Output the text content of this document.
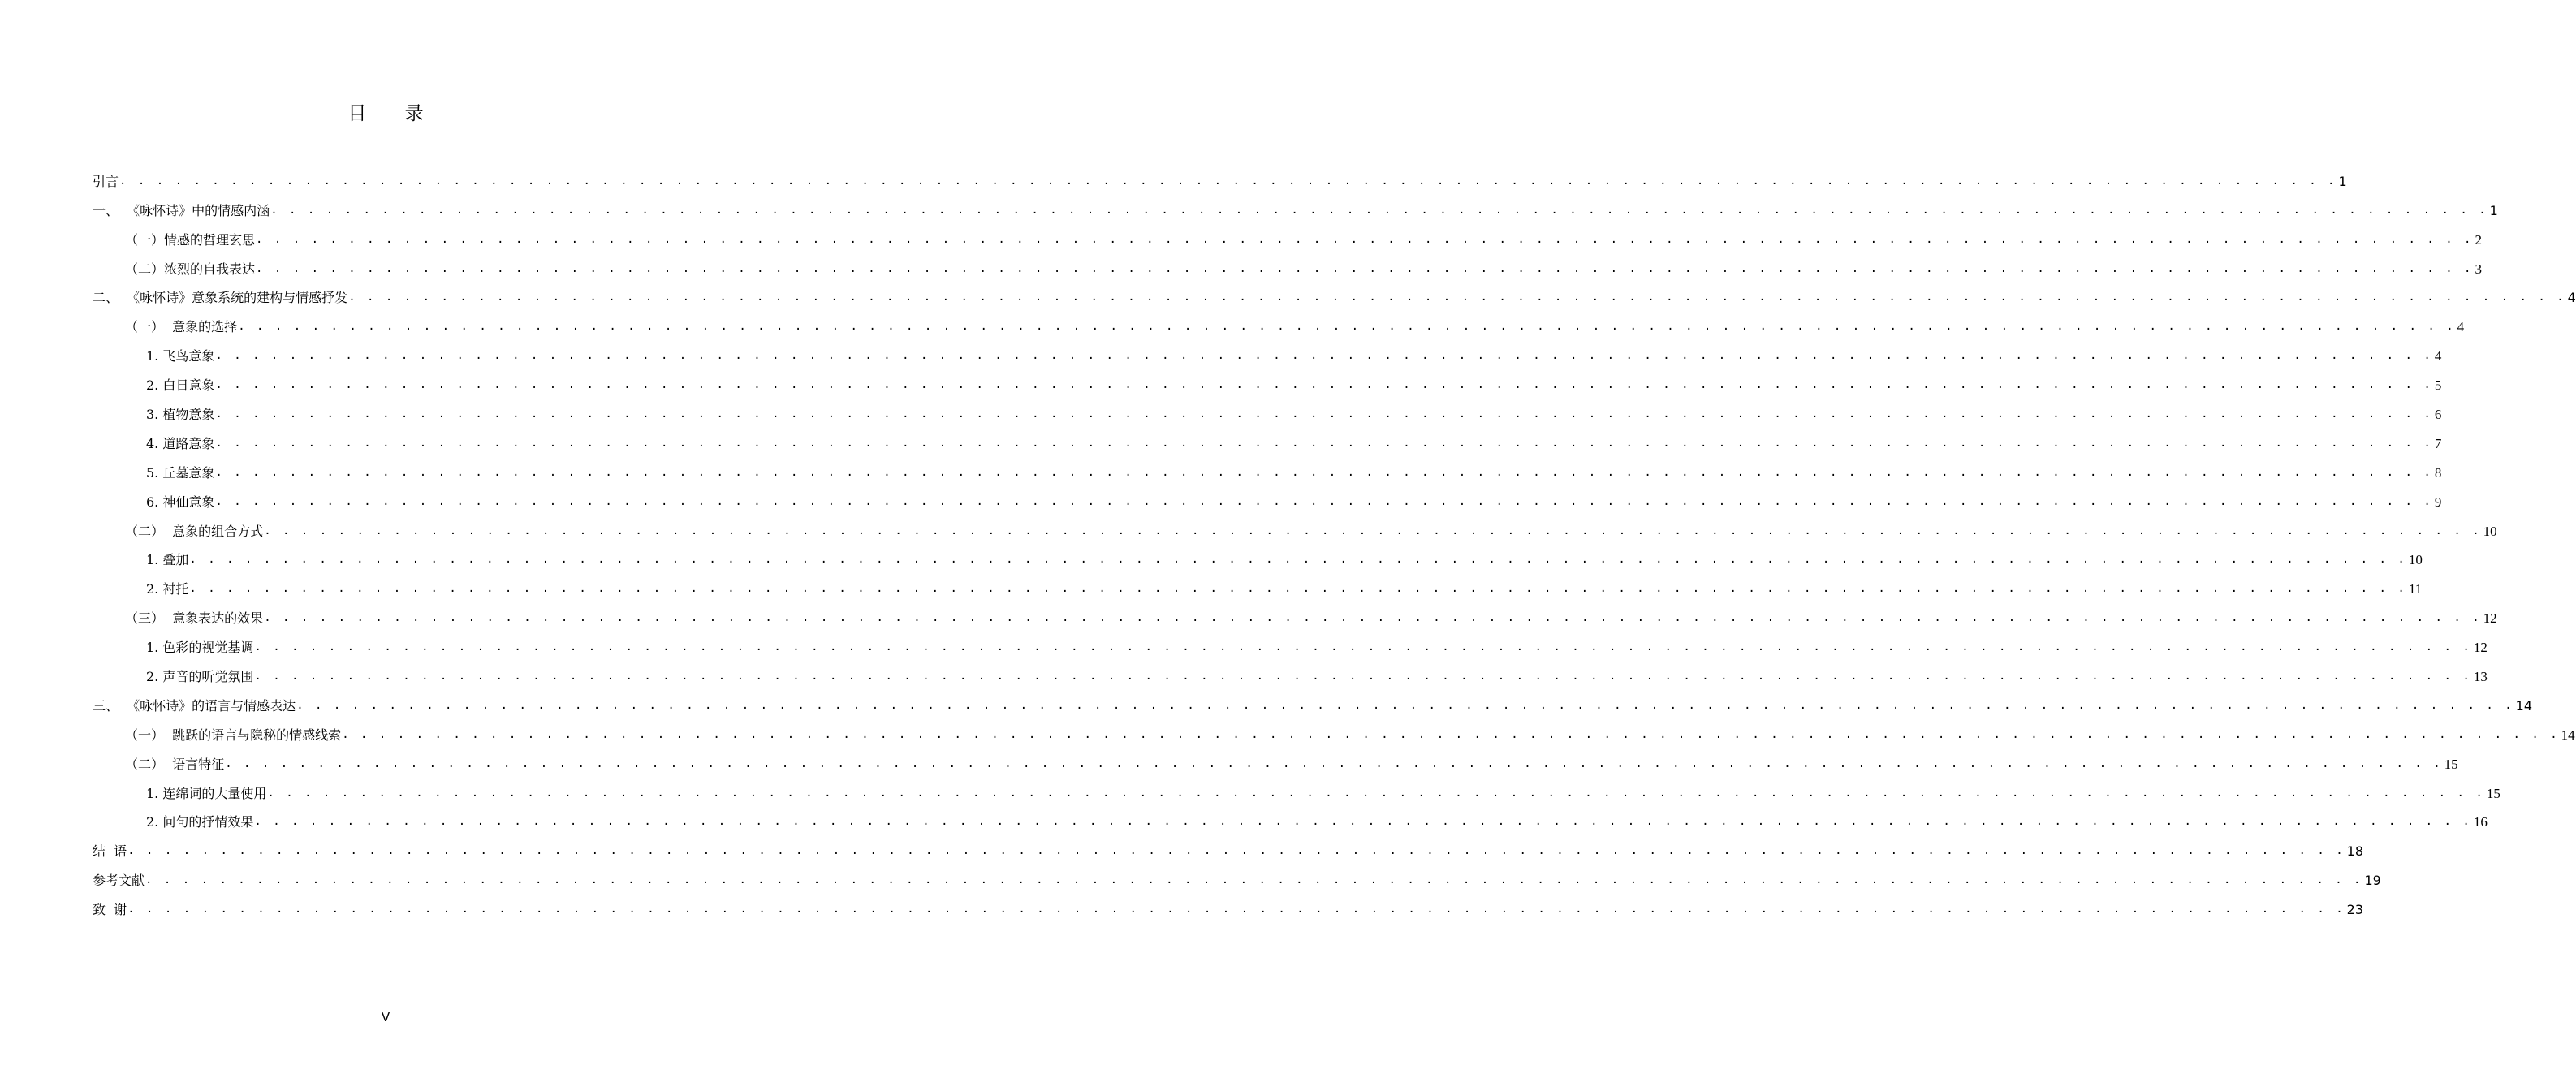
目 录
引言 . . . . . . . . . . . . . . . . . . . . . . . . . . . . . . . . . . . . . . . . . . . . . . . . . . . . . . . . . . . . . . . . . . . . . . . . . . . . . . . . . . . . . . . . . . . . . . . . . . . . . . . . . . . . . . . . . . . . . . . . 1
一、  《咏怀诗》中的情感内涵 . . . . . . . . . . . . . . . . . . . . . . . . . . . . . . . . . . . . . . . . . . . . . . . . . . . . . . . . . . . . . . . . . . . . . . . . . . . . . . . . . . . . . . . . . . . . . . . . . . . . . . . . . . . . . . . . . . . . . . . . 1
（一）情感的哲理玄思 . . . . . . . . . . . . . . . . . . . . . . . . . . . . . . . . . . . . . . . . . . . . . . . . . . . . . . . . . . . . . . . . . . . . . . . . . . . . . . . . . . . . . . . . . . . . . . . . . . . . . . . . . . . . . . . . . . . . . . . . 2
（二）浓烈的自我表达 . . . . . . . . . . . . . . . . . . . . . . . . . . . . . . . . . . . . . . . . . . . . . . . . . . . . . . . . . . . . . . . . . . . . . . . . . . . . . . . . . . . . . . . . . . . . . . . . . . . . . . . . . . . . . . . . . . . . . . . . 3
二、  《咏怀诗》意象系统的建构与情感抒发 . . . . . . . . . . . . . . . . . . . . . . . . . . . . . . . . . . . . . . . . . . . . . . . . . . . . . . . . . . . . . . . . . . . . . . . . . . . . . . . . . . . . . . . . . . . . . . . . . . . . . . . . . . . . . . . . . . . . . . . . 4
（一）  意象的选择 . . . . . . . . . . . . . . . . . . . . . . . . . . . . . . . . . . . . . . . . . . . . . . . . . . . . . . . . . . . . . . . . . . . . . . . . . . . . . . . . . . . . . . . . . . . . . . . . . . . . . . . . . . . . . . . . . . . . . . . . 4
1. 飞鸟意象 . . . . . . . . . . . . . . . . . . . . . . . . . . . . . . . . . . . . . . . . . . . . . . . . . . . . . . . . . . . . . . . . . . . . . . . . . . . . . . . . . . . . . . . . . . . . . . . . . . . . . . . . . . . . . . . . . . . . . . . . 4
2. 白日意象 . . . . . . . . . . . . . . . . . . . . . . . . . . . . . . . . . . . . . . . . . . . . . . . . . . . . . . . . . . . . . . . . . . . . . . . . . . . . . . . . . . . . . . . . . . . . . . . . . . . . . . . . . . . . . . . . . . . . . . . . 5
3. 植物意象 . . . . . . . . . . . . . . . . . . . . . . . . . . . . . . . . . . . . . . . . . . . . . . . . . . . . . . . . . . . . . . . . . . . . . . . . . . . . . . . . . . . . . . . . . . . . . . . . . . . . . . . . . . . . . . . . . . . . . . . . 6
4. 道路意象 . . . . . . . . . . . . . . . . . . . . . . . . . . . . . . . . . . . . . . . . . . . . . . . . . . . . . . . . . . . . . . . . . . . . . . . . . . . . . . . . . . . . . . . . . . . . . . . . . . . . . . . . . . . . . . . . . . . . . . . . 7
5. 丘墓意象 . . . . . . . . . . . . . . . . . . . . . . . . . . . . . . . . . . . . . . . . . . . . . . . . . . . . . . . . . . . . . . . . . . . . . . . . . . . . . . . . . . . . . . . . . . . . . . . . . . . . . . . . . . . . . . . . . . . . . . . . 8
6. 神仙意象 . . . . . . . . . . . . . . . . . . . . . . . . . . . . . . . . . . . . . . . . . . . . . . . . . . . . . . . . . . . . . . . . . . . . . . . . . . . . . . . . . . . . . . . . . . . . . . . . . . . . . . . . . . . . . . . . . . . . . . . . 9
（二）  意象的组合方式 . . . . . . . . . . . . . . . . . . . . . . . . . . . . . . . . . . . . . . . . . . . . . . . . . . . . . . . . . . . . . . . . . . . . . . . . . . . . . . . . . . . . . . . . . . . . . . . . . . . . . . . . . . . . . . . . . . . . . . . . 10
1. 叠加 . . . . . . . . . . . . . . . . . . . . . . . . . . . . . . . . . . . . . . . . . . . . . . . . . . . . . . . . . . . . . . . . . . . . . . . . . . . . . . . . . . . . . . . . . . . . . . . . . . . . . . . . . . . . . . . . . . . . . . . . 10
2. 衬托 . . . . . . . . . . . . . . . . . . . . . . . . . . . . . . . . . . . . . . . . . . . . . . . . . . . . . . . . . . . . . . . . . . . . . . . . . . . . . . . . . . . . . . . . . . . . . . . . . . . . . . . . . . . . . . . . . . . . . . . . 11
（三）  意象表达的效果 . . . . . . . . . . . . . . . . . . . . . . . . . . . . . . . . . . . . . . . . . . . . . . . . . . . . . . . . . . . . . . . . . . . . . . . . . . . . . . . . . . . . . . . . . . . . . . . . . . . . . . . . . . . . . . . . . . . . . . . . 12
1. 色彩的视觉基调 . . . . . . . . . . . . . . . . . . . . . . . . . . . . . . . . . . . . . . . . . . . . . . . . . . . . . . . . . . . . . . . . . . . . . . . . . . . . . . . . . . . . . . . . . . . . . . . . . . . . . . . . . . . . . . . . . . . . . . . . 12
2. 声音的听觉氛围 . . . . . . . . . . . . . . . . . . . . . . . . . . . . . . . . . . . . . . . . . . . . . . . . . . . . . . . . . . . . . . . . . . . . . . . . . . . . . . . . . . . . . . . . . . . . . . . . . . . . . . . . . . . . . . . . . . . . . . . . 13
三、  《咏怀诗》的语言与情感表达 . . . . . . . . . . . . . . . . . . . . . . . . . . . . . . . . . . . . . . . . . . . . . . . . . . . . . . . . . . . . . . . . . . . . . . . . . . . . . . . . . . . . . . . . . . . . . . . . . . . . . . . . . . . . . . . . . . . . . . . . 14
（一）  跳跃的语言与隐秘的情感线索 . . . . . . . . . . . . . . . . . . . . . . . . . . . . . . . . . . . . . . . . . . . . . . . . . . . . . . . . . . . . . . . . . . . . . . . . . . . . . . . . . . . . . . . . . . . . . . . . . . . . . . . . . . . . . . . . . . . . . . . . 14
（二）  语言特征 . . . . . . . . . . . . . . . . . . . . . . . . . . . . . . . . . . . . . . . . . . . . . . . . . . . . . . . . . . . . . . . . . . . . . . . . . . . . . . . . . . . . . . . . . . . . . . . . . . . . . . . . . . . . . . . . . . . . . . . . 15
1. 连绵词的大量使用 . . . . . . . . . . . . . . . . . . . . . . . . . . . . . . . . . . . . . . . . . . . . . . . . . . . . . . . . . . . . . . . . . . . . . . . . . . . . . . . . . . . . . . . . . . . . . . . . . . . . . . . . . . . . . . . . . . . . . . . . 15
2. 问句的抒情效果 . . . . . . . . . . . . . . . . . . . . . . . . . . . . . . . . . . . . . . . . . . . . . . . . . . . . . . . . . . . . . . . . . . . . . . . . . . . . . . . . . . . . . . . . . . . . . . . . . . . . . . . . . . . . . . . . . . . . . . . . 16
结  语 . . . . . . . . . . . . . . . . . . . . . . . . . . . . . . . . . . . . . . . . . . . . . . . . . . . . . . . . . . . . . . . . . . . . . . . . . . . . . . . . . . . . . . . . . . . . . . . . . . . . . . . . . . . . . . . . . . . . . . . . 18
参考文献 . . . . . . . . . . . . . . . . . . . . . . . . . . . . . . . . . . . . . . . . . . . . . . . . . . . . . . . . . . . . . . . . . . . . . . . . . . . . . . . . . . . . . . . . . . . . . . . . . . . . . . . . . . . . . . . . . . . . . . . . 19
致  谢 . . . . . . . . . . . . . . . . . . . . . . . . . . . . . . . . . . . . . . . . . . . . . . . . . . . . . . . . . . . . . . . . . . . . . . . . . . . . . . . . . . . . . . . . . . . . . . . . . . . . . . . . . . . . . . . . . . . . . . . . 23
V
